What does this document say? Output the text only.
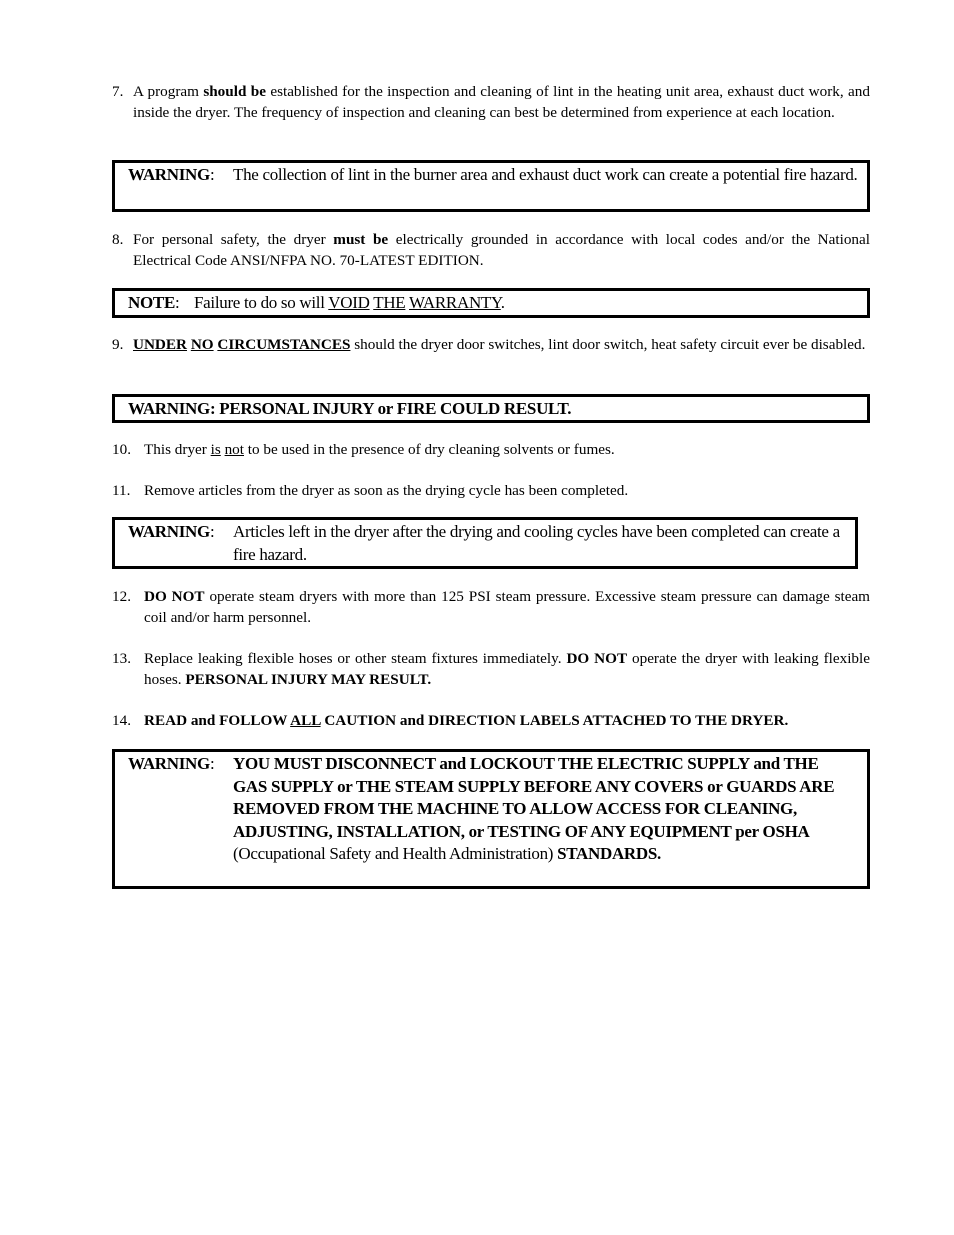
7. A program should be established for the inspection and cleaning of lint in the heating unit area, exhaust duct work, and inside the dryer. The frequency of inspection and cleaning can best be determined from experience at each location.
WARNING: The collection of lint in the burner area and exhaust duct work can create a potential fire hazard.
8. For personal safety, the dryer must be electrically grounded in accordance with local codes and/or the National Electrical Code ANSI/NFPA NO. 70-LATEST EDITION.
NOTE: Failure to do so will VOID THE WARRANTY.
9. UNDER NO CIRCUMSTANCES should the dryer door switches, lint door switch, heat safety circuit ever be disabled.
WARNING: PERSONAL INJURY or FIRE COULD RESULT.
10. This dryer is not to be used in the presence of dry cleaning solvents or fumes.
11. Remove articles from the dryer as soon as the drying cycle has been completed.
WARNING: Articles left in the dryer after the drying and cooling cycles have been completed can create a fire hazard.
12. DO NOT operate steam dryers with more than 125 PSI steam pressure. Excessive steam pressure can damage steam coil and/or harm personnel.
13. Replace leaking flexible hoses or other steam fixtures immediately. DO NOT operate the dryer with leaking flexible hoses. PERSONAL INJURY MAY RESULT.
14. READ and FOLLOW ALL CAUTION and DIRECTION LABELS ATTACHED TO THE DRYER.
WARNING: YOU MUST DISCONNECT and LOCKOUT THE ELECTRIC SUPPLY and THE GAS SUPPLY or THE STEAM SUPPLY BEFORE ANY COVERS or GUARDS ARE REMOVED FROM THE MACHINE TO ALLOW ACCESS FOR CLEANING, ADJUSTING, INSTALLATION, or TESTING OF ANY EQUIPMENT per OSHA (Occupational Safety and Health Administration) STANDARDS.
